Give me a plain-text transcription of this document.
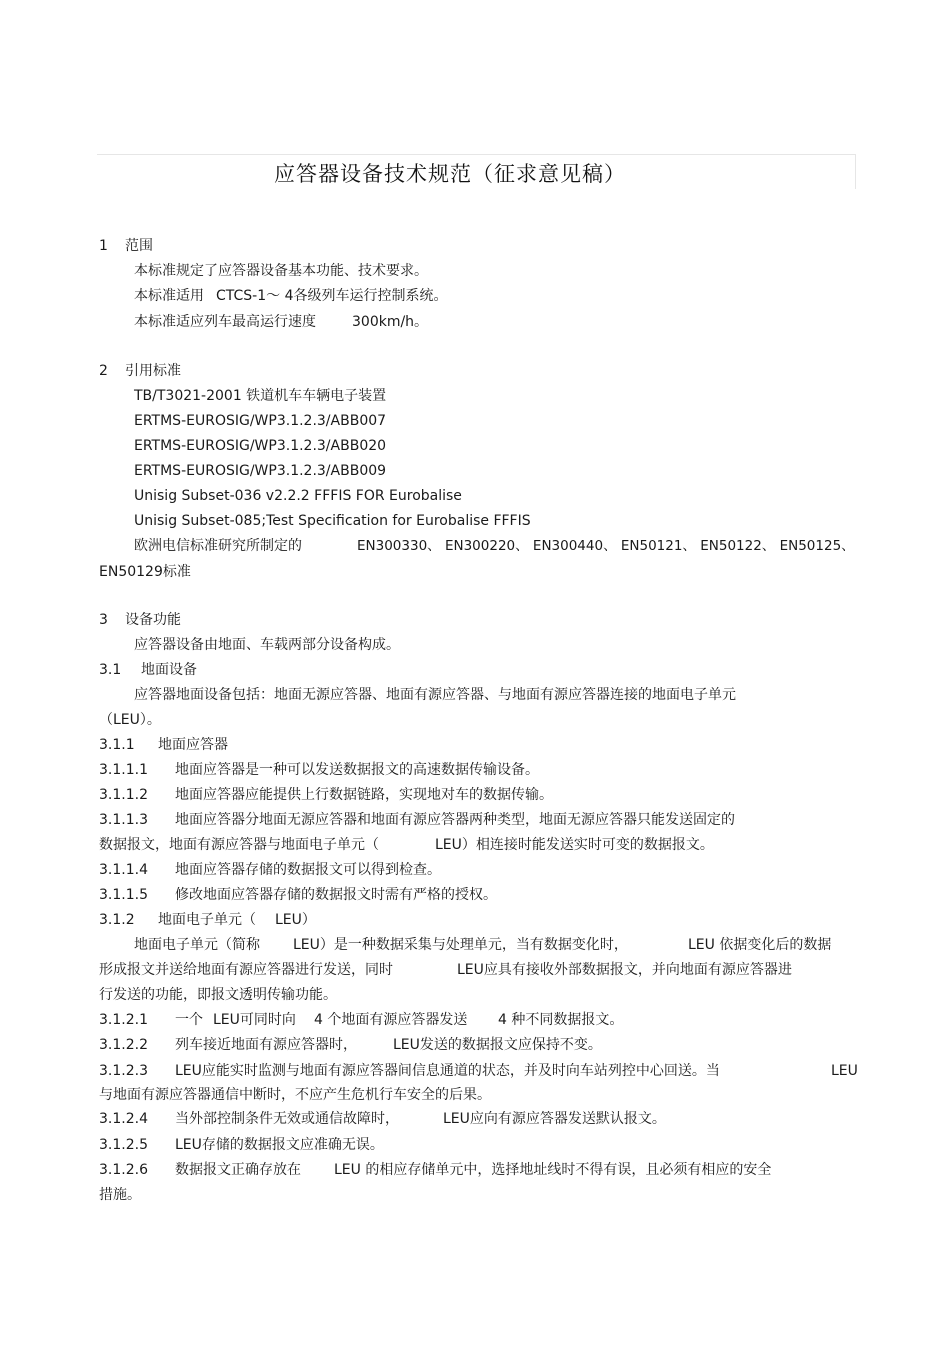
应答器设备技术规范（征求意见稿）
1 范围
本标准规定了应答器设备基本功能、技术要求。
本标准适用 CTCS-1～ 4各级列车运行控制系统。
本标准适应列车最高运行速度	300km/h。
2 引用标准
TB/T3021-2001 铁道机车车辆电子装置
ERTMS-EUROSIG/WP3.1.2.3/ABB007
ERTMS-EUROSIG/WP3.1.2.3/ABB020
ERTMS-EUROSIG/WP3.1.2.3/ABB009
Unisig Subset-036 v2.2.2 FFFIS FOR Eurobalise
Unisig Subset-085;Test Specification for Eurobalise FFFIS
欧洲电信标准研究所制定的	EN300330、 EN300220、 EN300440、 EN50121、 EN50122、 EN50125、
EN50129标准
3 设备功能
应答器设备由地面、车载两部分设备构成。
3.1 地面设备
应答器地面设备包括：地面无源应答器、地面有源应答器、与地面有源应答器连接的地面电子单元
（LEU）。
3.1.1 地面应答器
3.1.1.1 地面应答器是一种可以发送数据报文的高速数据传输设备。
3.1.1.2 地面应答器应能提供上行数据链路，实现地对车的数据传输。
3.1.1.3 地面应答器分地面无源应答器和地面有源应答器两种类型，地面无源应答器只能发送固定的
数据报文，地面有源应答器与地面电子单元（	LEU）相连接时能发送实时可变的数据报文。
3.1.1.4 地面应答器存储的数据报文可以得到检查。
3.1.1.5 修改地面应答器存储的数据报文时需有严格的授权。
3.1.2 地面电子单元（ LEU）
地面电子单元（简称 LEU）是一种数据采集与处理单元，当有数据变化时，	LEU 依据变化后的数据
形成报文并送给地面有源应答器进行发送，同时	LEU应具有接收外部数据报文，并向地面有源应答器进
行发送的功能，即报文透明传输功能。
3.1.2.1 一个 LEU可同时向 4 个地面有源应答器发送 4 种不同数据报文。
3.1.2.2 列车接近地面有源应答器时，	LEU发送的数据报文应保持不变。
3.1.2.3 LEU应能实时监测与地面有源应答器间信息通道的状态，并及时向车站列控中心回送。当	LEU
与地面有源应答器通信中断时，不应产生危机行车安全的后果。
3.1.2.4 当外部控制条件无效或通信故障时，	LEU应向有源应答器发送默认报文。
3.1.2.5 LEU存储的数据报文应准确无误。
3.1.2.6 数据报文正确存放在 LEU 的相应存储单元中，选择地址线时不得有误，且必须有相应的安全
措施。
